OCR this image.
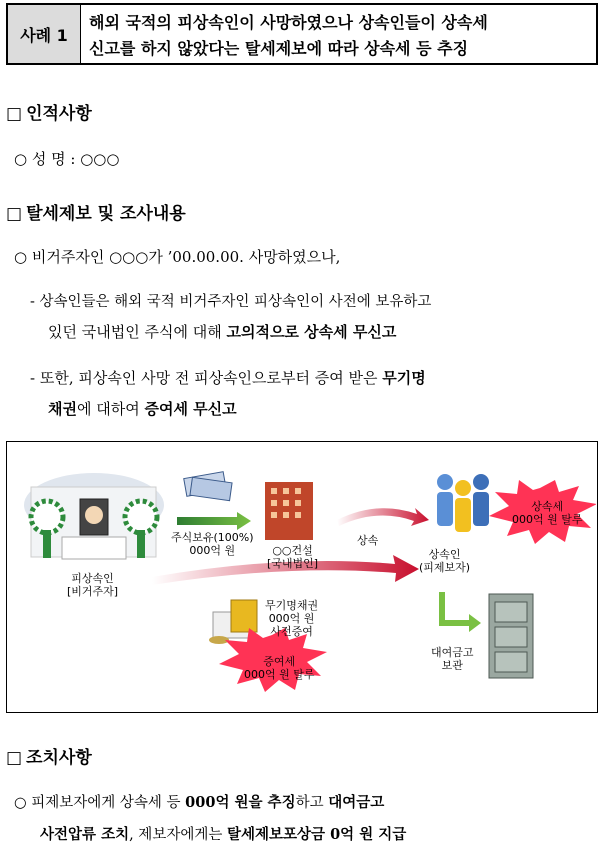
사례 1
해외 국적의 피상속인이 사망하였으나 상속인들이 상속세
신고를 하지 않았다는 탈세제보에 따라 상속세 등 추징
□ 인적사항
○ 성 명 : ○○○
□ 탈세제보 및 조사내용
○ 비거주자인 ○○○가 ’00.00.00. 사망하였으나,
- 상속인들은 해외 국적 비거주자인 피상속인이 사전에 보유하고
있던 국내법인 주식에 대해 고의적으로 상속세 무신고
- 또한, 피상속인 사망 전 피상속인으로부터 증여 받은 무기명
채권에 대하여 증여세 무신고
주식보유(100%)
000억 원	○○건설
[국내법인]
상속
피상속인
[비거주자]
상속인
(피제보자)
상속세
000억 원 탈루
무기명채권
000억 원
사전증여
증여세
000억 원 탈루
대여금고
보관
□ 조치사항
○ 피제보자에게 상속세 등 000억 원을 추징하고 대여금고
사전압류 조치, 제보자에게는 탈세제보포상금 0억 원 지급
